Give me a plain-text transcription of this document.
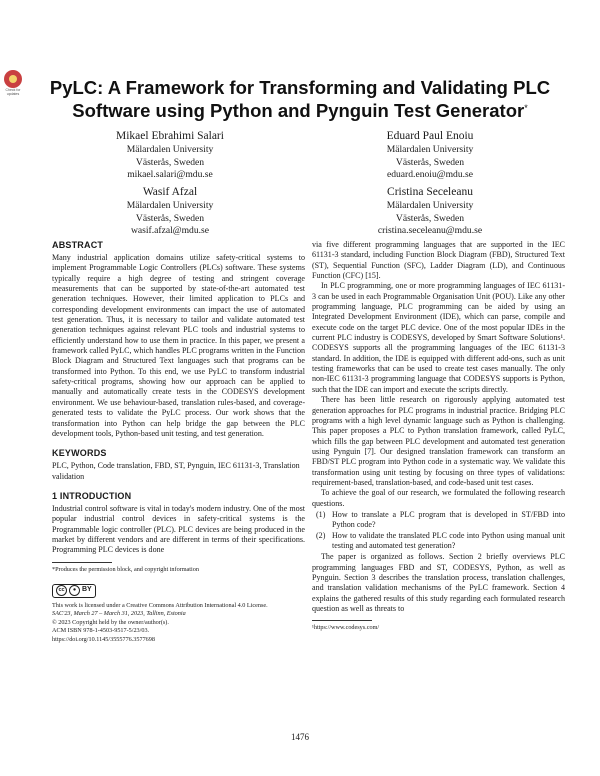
Check for updates	PyLC: A Framework for Transforming and Validating PLC
Software using Python and Pynguin Test Generator*
Mikael Ebrahimi Salari
Mälardalen University
Västerås, Sweden
mikael.salari@mdu.se
Eduard Paul Enoiu
Mälardalen University
Västerås, Sweden
eduard.enoiu@mdu.se
Wasif Afzal
Mälardalen University
Västerås, Sweden
wasif.afzal@mdu.se
Cristina Seceleanu
Mälardalen University
Västerås, Sweden
cristina.seceleanu@mdu.se
ABSTRACT

Many industrial application domains utilize safety-critical systems to implement Programmable Logic Controllers (PLCs) software. These systems typically require a high degree of testing and stringent coverage measurements that can be supported by state-of-the-art automated test generation techniques. However, their limited application to PLCs and corresponding development environments can impact the use of automated test generation. Thus, it is necessary to tailor and validate automated test generation techniques against relevant PLC tools and industrial systems to efficiently understand how to use them in practice. In this paper, we present a framework called PyLC, which handles PLC programs written in the Function Block Diagram and Structured Text languages such that programs can be transformed into Python. To this end, we use PyLC to transform industrial safety-critical programs, showing how our approach can be applied to manually and automatically create tests in the CODESYS development environment. We use behaviour-based, translation rules-based, and coverage-generated tests to validate the PyLC process. Our work shows that the transformation into Python can help bridge the gap between the PLC development tools, Python-based unit testing, and test generation.

KEYWORDS

PLC, Python, Code translation, FBD, ST, Pynguin, IEC 61131-3, Translation validation

1 INTRODUCTION

Industrial control software is vital in today's modern industry. One of the most popular industrial control devices in safety-critical systems is the Programmable logic controller (PLC). PLC devices are being produced in the market by different vendors and are different in terms of their specifications. Programming PLC devices is done

*Produces the permission block, and copyright information

cc	● BY
This work is licensed under a Creative Commons Attribution International 4.0 License.
SAC'23, March 27 – March 31, 2023, Tallinn, Estonia
© 2023 Copyright held by the owner/author(s).
ACM ISBN 978-1-4503-9517-5/23/03.
https://doi.org/10.1145/3555776.3577698

via five different programming languages that are supported in the IEC 61131-3 standard, including Function Block Diagram (FBD), Structured Text (ST), Sequential Function (SFC), Ladder Diagram (LD), and Continuous Function (CFC) [15].

In PLC programming, one or more programming languages of IEC 61131-3 can be used in each Programmable Organisation Unit (POU). Like any other programming language, PLC programming can be aided by using an Integrated Development Environment (IDE), which can parse, compile and execute code on the target PLC device. One of the most popular IDEs in the current PLC industry is CODESYS, developed by Smart Software Solutions¹. CODESYS supports all the programming languages of the IEC 61131-3 standard. In addition, the IDE is equipped with different add-ons, such as unit testing frameworks that can be used to create test cases manually. The only non-IEC 61131-3 programming language that CODESYS supports is Python, such that the IDE can import and execute the scripts directly.

There has been little research on rigorously applying automated test generation approaches for PLC programs in industrial practice. Bridging PLC programs with a high level dynamic language such as Python is challenging. This paper proposes a PLC to Python translation framework, called PyLC, which fills the gap between PLC development and automated test generation using Pynguin [7]. Our designed translation framework can transform an FBD/ST PLC program into Python code in a systematic way. We validate this transformation using unit testing by focusing on three types of validations: requirement-based, translation-based, and code-based unit test cases.

To achieve the goal of our research, we formulated the following research questions.

(1) How to translate a PLC program that is developed in ST/FBD into Python code?
(2) How to validate the translated PLC code into Python using manual unit testing and automated test generation?

The paper is organized as follows. Section 2 briefly overviews PLC programming languages FBD and ST, CODESYS, Python, as well as Pynguin. Section 3 describes the translation process, translation challenges, and translation validation mechanisms of the PyLC framework. Section 4 explains the gathered results of this study regarding each formulated research question as well as threats to

¹https://www.codesys.com/

1476
